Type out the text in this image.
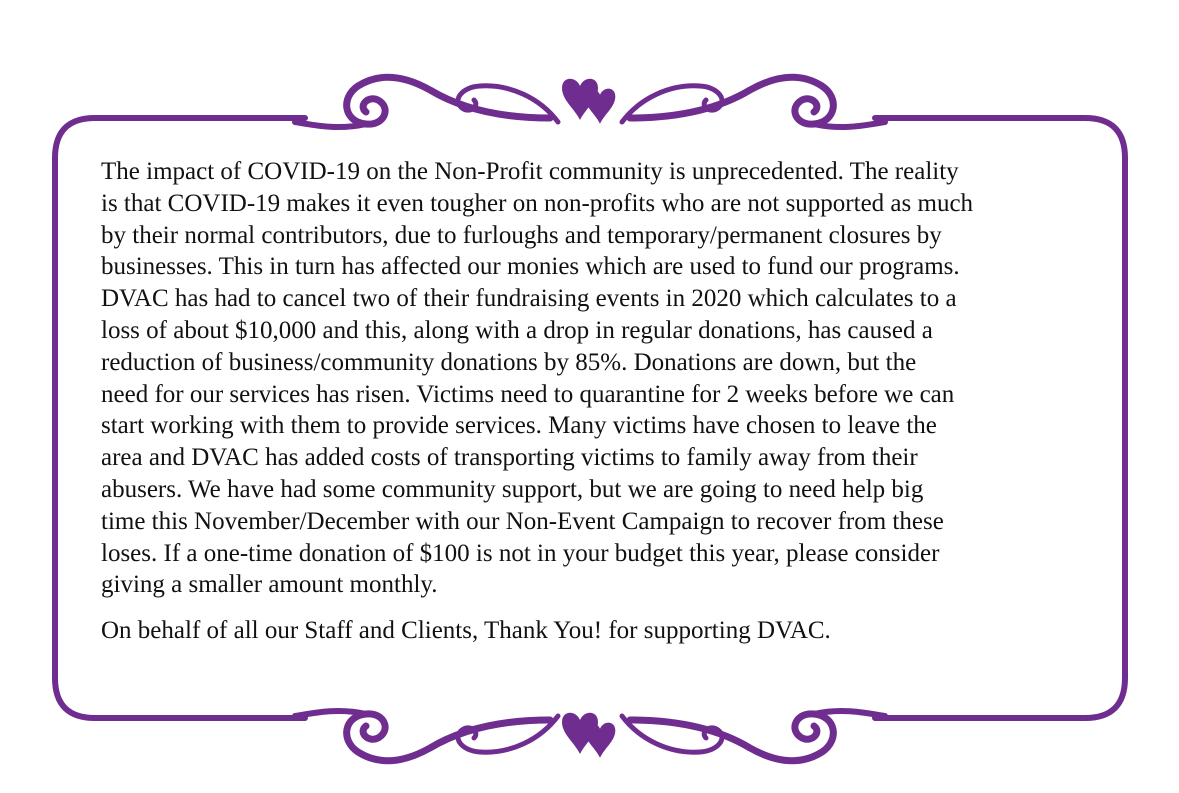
The impact of COVID-19 on the Non-Profit community is unprecedented. The reality
is that COVID-19 makes it even tougher on non-profits who are not supported as much
by their normal contributors, due to furloughs and temporary/permanent closures by
businesses. This in turn has affected our monies which are used to fund our programs.
DVAC has had to cancel two of their fundraising events in 2020 which calculates to a
loss of about $10,000 and this, along with a drop in regular donations, has caused a
reduction of business/community donations by 85%. Donations are down, but the
need for our services has risen. Victims need to quarantine for 2 weeks before we can
start working with them to provide services. Many victims have chosen to leave the
area and DVAC has added costs of transporting victims to family away from their
abusers. We have had some community support, but we are going to need help big
time this November/December with our Non-Event Campaign to recover from these
loses. If a one-time donation of $100 is not in your budget this year, please consider
giving a smaller amount monthly.

On behalf of all our Staff and Clients, Thank You! for supporting DVAC.
